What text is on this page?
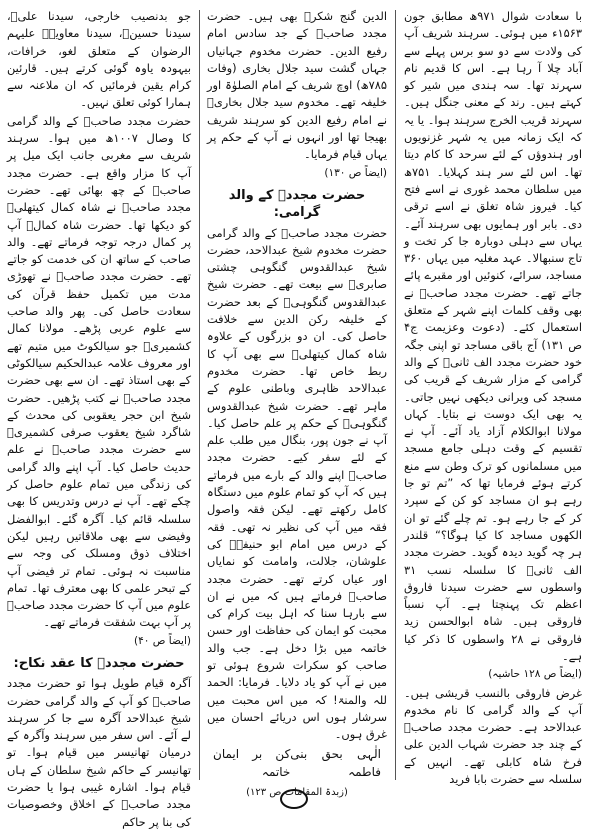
با سعادت شوال ۹۷۱ھ مطابق جون ۱۵۶۳ء میں ہوئی۔ سرہند شریف آپ کی ولادت سے دو سو برس پہلے سے آباد چلا آ رہا ہے۔ اس کا قدیم نام سہرند تھا۔ سہ ہندی میں شیر کو کہتے ہیں۔ رند کے معنی جنگل ہیں۔ سہرند قریب الخرج سرہند ہوا۔ یا یہ کہ ایک زمانہ میں یہ شہر غزنویوں اور ہندوؤں کے لئے سرحد کا کام دیتا تھا۔ اس لئے سر ہند کہلایا۔ ۷۵۱ھ میں سلطان محمد غوری نے اسے فتح کیا۔ فیروز شاہ تغلق نے اسے ترقی دی۔ بابر اور ہمایوں بھی سرہند آئے۔ یہاں سے دہلی دوبارہ جا کر تخت و تاج سنبھالا۔ عہد مغلیہ میں یہاں ۳۶۰ مساجد، سرائے، کنوئیں اور مقبرے پائے جاتے تھے۔ حضرت مجدد صاحبؒ نے بھی وقف کلمات اپنے شہر کے متعلق استعمال کئے۔ (دعوت وعزیمت ج۴ ص ۱۳۱) آج باقی مساجد تو اپنی جگہ خود حضرت مجدد الف ثانیؒ کے والد گرامی کے مزار شریف کے قریب کی مسجد کی ویرانی دیکھی نہیں جاتی۔ یہ بھی ایک دوست نے بتایا۔ کہاں مولانا ابوالکلام آزاد یاد آئے۔ آپ نے تقسیم کے وقت دہلی جامع مسجد میں مسلمانوں کو ترک وطن سے منع کرتے ہوئے فرمایا تھا کہ ”تم تو جا رہے ہو ان مساجد کو کن کے سپرد کر کے جا رہے ہو۔ تم چلے گئے تو ان الکھوں مساجد کا کیا ہوگا؟“ قلندر ہر چہ گوید دیدہ گوید۔ حضرت مجدد الف ثانیؒ کا سلسلہ نسب ۳۱ واسطوں سے حضرت سیدنا فاروق اعظم تک پہنچتا ہے۔ آپ نسباً فاروقی ہیں۔ شاہ ابوالحسن زید فاروقی نے ۲۸ واسطوں کا ذکر کیا ہے۔

(ایضاً ص ۱۲۸ حاشیہ)

غرض فاروقی بالنسب قریشی ہیں۔ آپ کے والد گرامی کا نام مخدوم عبدالاحد ہے۔ حضرت مجدد صاحبؒ کے چند جد حضرت شہاب الدین علی فرخ شاہ کابلی تھے۔ انہیں کے سلسلہ سے حضرت بابا فرید

الدین گنج شکرؒ بھی ہیں۔ حضرت مجدد صاحبؒ کے جد سادس امام رفیع الدین۔ حضرت مخدوم جہانیاں جہاں گشت سید جلال بخاری (وفات ۷۸۵ھ) اوچ شریف کے امام الصلوٰۃ اور خلیفہ تھے۔ مخدوم سید جلال بخاریؒ نے امام رفیع الدین کو سرہند شریف بھیجا تھا اور انہوں نے آپ کے حکم پر یہاں قیام فرمایا۔

(ایضاً ص ۱۳۰)

حضرت مجددؒ کے والد گرامی:

حضرت مجدد صاحبؒ کے والد گرامی حضرت مخدوم شیخ عبدالاحد، حضرت شیخ عبدالقدوس گنگوہی چشتی صابریؒ سے بیعت تھے۔ حضرت شیخ عبدالقدوس گنگوہیؒ کے بعد حضرت کے خلیفہ رکن الدین سے خلافت حاصل کی۔ ان دو بزرگوں کے علاوہ شاہ کمال کیتھلیؒ سے بھی آپ کا ربط خاص تھا۔ حضرت مخدوم عبدالاحد ظاہری وباطنی علوم کے ماہر تھے۔ حضرت شیخ عبدالقدوس گنگوہیؒ کے حکم پر علم حاصل کیا۔ آپ نے جون پور، بنگال میں طلب علم کے لئے سفر کیے۔ حضرت مجدد صاحبؒ اپنے والد کے بارے میں فرماتے ہیں کہ آپ کو تمام علوم میں دستگاہ کامل رکھتے تھے۔ لیکن فقہ واصول فقہ میں آپ کی نظیر نہ تھی۔ فقہ کے درس میں امام ابو حنیفہؒ کی علوشان، جلالت، وامامت کو نمایاں اور عیاں کرتے تھے۔ حضرت مجدد صاحبؒ فرماتے ہیں کہ میں نے ان سے بارہا سنا کہ اہل بیت کرام کی محبت کو ایمان کی حفاظت اور حسن خاتمہ میں بڑا دخل ہے۔ جب والد صاحب کو سکرات شروع ہوئی تو میں نے آپ کو یاد دلایا۔ فرمایا: الحمد للہ والمنۃ! کہ میں اس محبت میں سرشار ہوں اس دریائے احسان میں غرق ہوں۔

الٰہی بحق بنی فاطمہ
کن بر ایمان خاتمہ
(زبدۃ المقامات ص ۱۲۳)

جو بدنصیب خارجی، سیدنا علیؓ، سیدنا حسینؓ، سیدنا معاویہؓ علیہم الرضوان کے متعلق لغو، خرافات، بیہودہ یاوہ گوئی کرتے ہیں۔ قارئین کرام یقین فرمائیں کہ ان ملاعنہ سے ہمارا کوئی تعلق نہیں۔

حضرت مجدد صاحبؒ کے والد گرامی کا وصال ۱۰۰۷ھ میں ہوا۔ سرہند شریف سے مغربی جانب ایک میل پر آپ کا مزار واقع ہے۔ حضرت مجدد صاحبؒ کے چھ بھائی تھے۔ حضرت مجدد صاحبؒ نے شاہ کمال کیتھلیؒ کو دیکھا تھا۔ حضرت شاہ کمالؒ آپ پر کمال درجہ توجہ فرماتے تھے۔ والد صاحب کے ساتھ ان کی خدمت کو جاتے تھے۔ حضرت مجدد صاحبؒ نے تھوڑی مدت میں تکمیل حفظ قرآن کی سعادت حاصل کی۔ پھر والد صاحب سے علوم عربی پڑھے۔ مولانا کمال کشمیریؒ جو سیالکوٹ میں متیم تھے اور معروف علامہ عبدالحکیم سیالکوٹی کے بھی استاذ تھے۔ ان سے بھی حضرت مجدد صاحبؒ نے کتب پڑھیں۔ حضرت شیخ ابن حجر یعقوبی کی محدث کے شاگرد شیخ یعقوب صرفی کشمیریؒ سے حضرت مجدد صاحبؒ نے علم حدیث حاصل کیا۔ آپ اپنے والد گرامی کی زندگی میں تمام علوم حاصل کر چکے تھے۔ آپ نے درس وتدریس کا بھی سلسلہ قائم کیا۔ آگرہ گئے۔ ابوالفضل وفیضی سے بھی ملاقاتیں رہیں لیکن اختلاف ذوق ومسلک کی وجہ سے مناسبت نہ ہوئی۔ تمام تر فیضی آپ کے تبحر علمی کا بھی معترف تھا۔ تمام علوم میں آپ کا حضرت مجدد صاحبؒ پر آپ بہت شفقت فرماتے تھے۔

(ایضاً ص ۴۰)

حضرت مجددؒ کا عقد نکاح:

آگرہ قیام طویل ہوا تو حضرت مجدد صاحبؒ کو آپ کے والد گرامی حضرت شیخ عبدالاحد آگرہ سے جا کر سرہند لے آئے۔ اس سفر میں سرہند وآگرہ کے درمیان تھانیسر میں قیام ہوا۔ تو تھانیسر کے حاکم شیخ سلطان کے ہاں قیام ہوا۔ اشارہ غیبی ہوا یا حضرت مجدد صاحبؒ کے اخلاق وخصوصیات کی بنا پر حاکم
